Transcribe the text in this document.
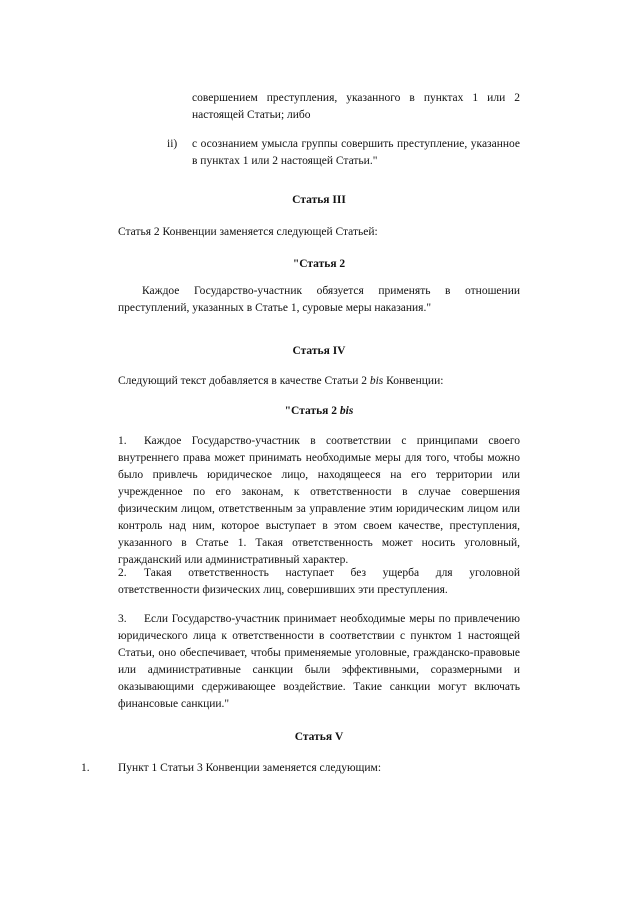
совершением преступления, указанного в пунктах 1 или 2 настоящей Статьи; либо

ii) с осознанием умысла группы совершить преступление, указанное в пунктах 1 или 2 настоящей Статьи."

Статья III

Статья 2 Конвенции заменяется следующей Статьей:

"Статья 2

Каждое Государство-участник обязуется применять в отношении преступлений, указанных в Статье 1, суровые меры наказания."

Статья IV

Следующий текст добавляется в качестве Статьи 2 bis Конвенции:

"Статья 2 bis

1. Каждое Государство-участник в соответствии с принципами своего внутреннего права может принимать необходимые меры для того, чтобы можно было привлечь юридическое лицо, находящееся на его территории или учрежденное по его законам, к ответственности в случае совершения физическим лицом, ответственным за управление этим юридическим лицом или контроль над ним, которое выступает в этом своем качестве, преступления, указанного в Статье 1. Такая ответственность может носить уголовный, гражданский или административный характер.

2. Такая ответственность наступает без ущерба для уголовной ответственности физических лиц, совершивших эти преступления.

3. Если Государство-участник принимает необходимые меры по привлечению юридического лица к ответственности в соответствии с пунктом 1 настоящей Статьи, оно обеспечивает, чтобы применяемые уголовные, гражданско-правовые или административные санкции были эффективными, соразмерными и оказывающими сдерживающее воздействие. Такие санкции могут включать финансовые санкции."

Статья V
1. Пункт 1 Статьи 3 Конвенции заменяется следующим:
